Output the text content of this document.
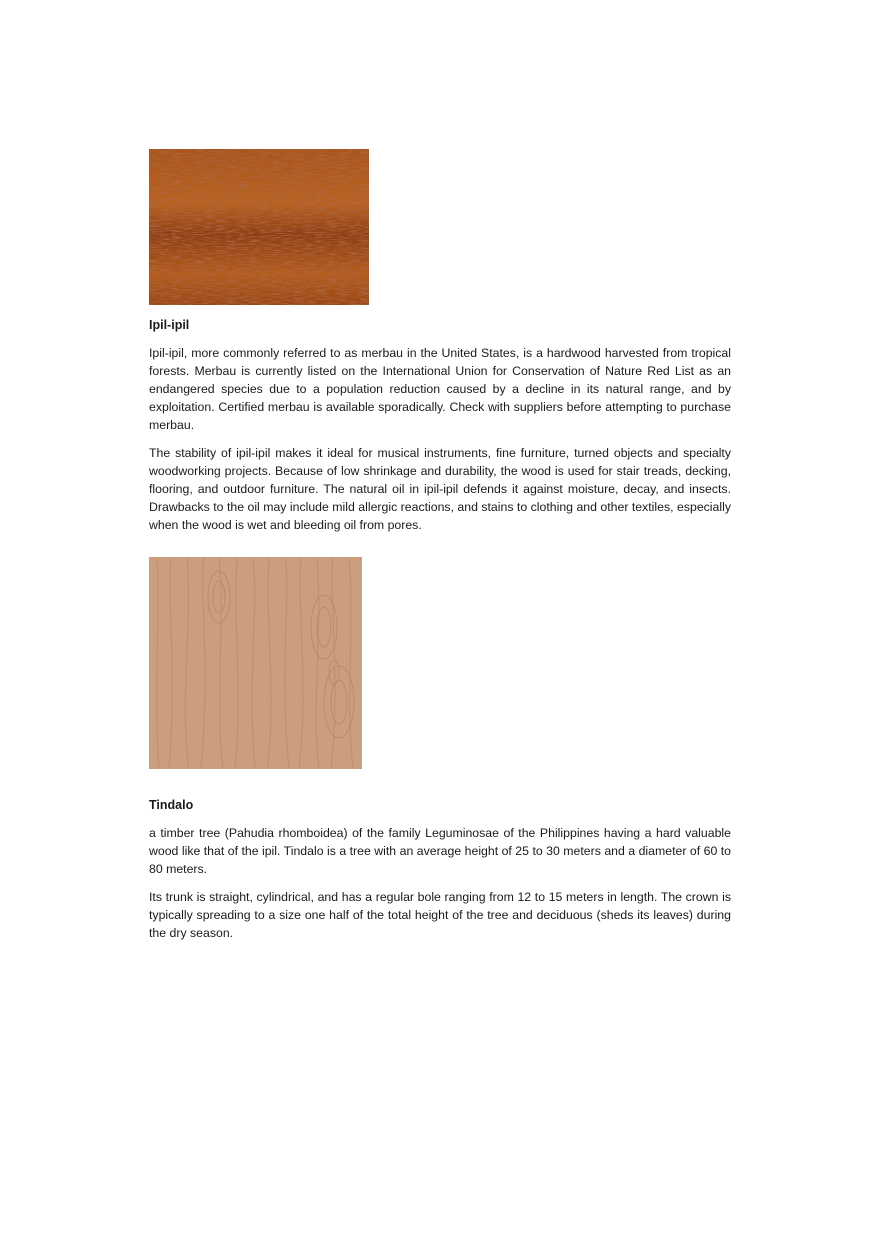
Ipil-ipil

Ipil-ipil, more commonly referred to as merbau in the United States, is a hardwood harvested from tropical forests. Merbau is currently listed on the International Union for Conservation of Nature Red List as an endangered species due to a population reduction caused by a decline in its natural range, and by exploitation. Certified merbau is available sporadically. Check with suppliers before attempting to purchase merbau.

The stability of ipil-ipil makes it ideal for musical instruments, fine furniture, turned objects and specialty woodworking projects. Because of low shrinkage and durability, the wood is used for stair treads, decking, flooring, and outdoor furniture. The natural oil in ipil-ipil defends it against moisture, decay, and insects. Drawbacks to the oil may include mild allergic reactions, and stains to clothing and other textiles, especially when the wood is wet and bleeding oil from pores.

Tindalo

a timber tree (Pahudia rhomboidea) of the family Leguminosae of the Philippines having a hard valuable wood like that of the ipil. Tindalo is a tree with an average height of 25 to 30 meters and a diameter of 60 to 80 meters.

Its trunk is straight, cylindrical, and has a regular bole ranging from 12 to 15 meters in length. The crown is typically spreading to a size one half of the total height of the tree and deciduous (sheds its leaves) during the dry season.
